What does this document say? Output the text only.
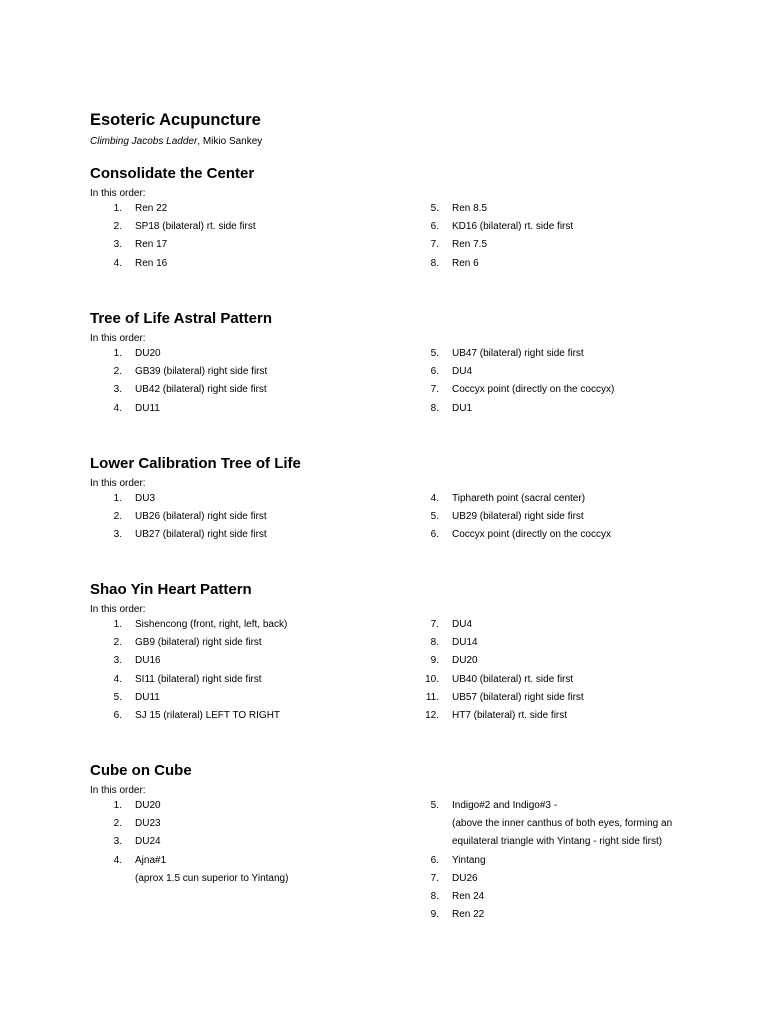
Esoteric Acupuncture

Climbing Jacobs Ladder, Mikio Sankey

Consolidate the Center

In this order:

1. Ren 22
2. SP18 (bilateral) rt. side first
3. Ren 17
4. Ren 16
5. Ren 8.5
6. KD16 (bilateral) rt. side first
7. Ren 7.5
8. Ren 6
Tree of Life Astral Pattern

In this order:

1. DU20
2. GB39 (bilateral) right side first
3. UB42 (bilateral) right side first
4. DU11
5. UB47 (bilateral) right side first
6. DU4
7. Coccyx point (directly on the coccyx)
8. DU1
Lower Calibration Tree of Life

In this order:

1. DU3
2. UB26 (bilateral) right side first
3. UB27 (bilateral) right side first
4. Tiphareth point (sacral center)
5. UB29 (bilateral) right side first
6. Coccyx point (directly on the coccyx
Shao Yin Heart Pattern

In this order:

1. Sishencong (front, right, left, back)
2. GB9 (bilateral) right side first
3. DU16
4. SI11 (bilateral) right side first
5. DU11
6. SJ 15 (rilateral) LEFT TO RIGHT
7. DU4
8. DU14
9. DU20
10. UB40 (bilateral) rt. side first
11. UB57 (bilateral) right side first
12. HT7 (bilateral) rt. side first
Cube on Cube

In this order:

1. DU20
2. DU23
3. DU24
4. Ajna#1
(aprox 1.5 cun superior to Yintang)
5. Indigo#2 and Indigo#3 -
(above the inner canthus of both eyes, forming an
equilateral triangle with Yintang - right side first)
6. Yintang
7. DU26
8. Ren 24
9. Ren 22
